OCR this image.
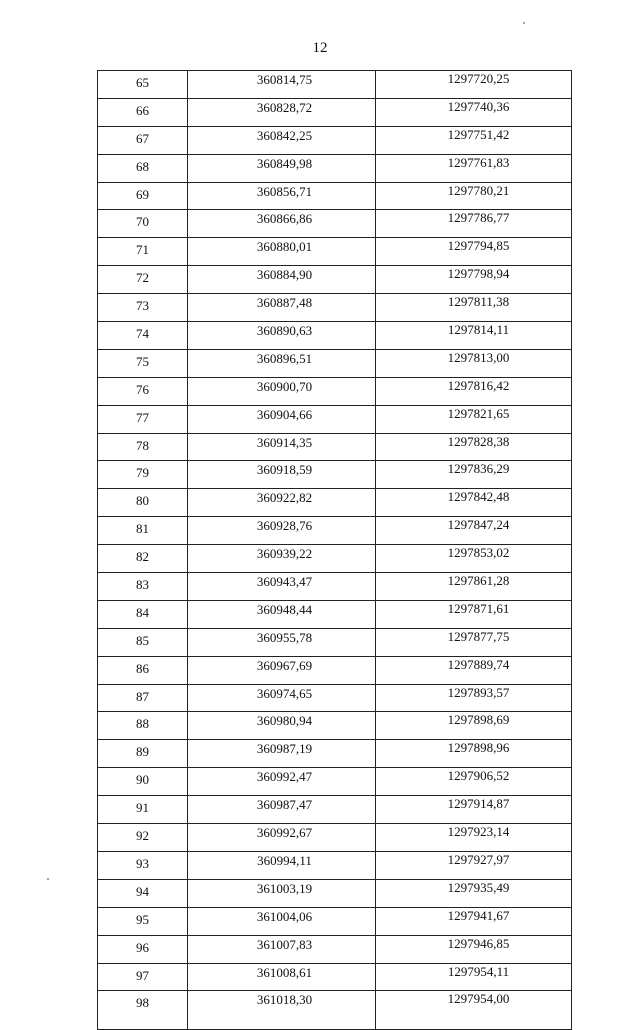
12
65	360814,75	1297720,25
66	360828,72	1297740,36
67	360842,25	1297751,42
68	360849,98	1297761,83
69	360856,71	1297780,21
70	360866,86	1297786,77
71	360880,01	1297794,85
72	360884,90	1297798,94
73	360887,48	1297811,38
74	360890,63	1297814,11
75	360896,51	1297813,00
76	360900,70	1297816,42
77	360904,66	1297821,65
78	360914,35	1297828,38
79	360918,59	1297836,29
80	360922,82	1297842,48
81	360928,76	1297847,24
82	360939,22	1297853,02
83	360943,47	1297861,28
84	360948,44	1297871,61
85	360955,78	1297877,75
86	360967,69	1297889,74
87	360974,65	1297893,57
88	360980,94	1297898,69
89	360987,19	1297898,96
90	360992,47	1297906,52
91	360987,47	1297914,87
92	360992,67	1297923,14
93	360994,11	1297927,97
94	361003,19	1297935,49
95	361004,06	1297941,67
96	361007,83	1297946,85
97	361008,61	1297954,11
98	361018,30	1297954,00
